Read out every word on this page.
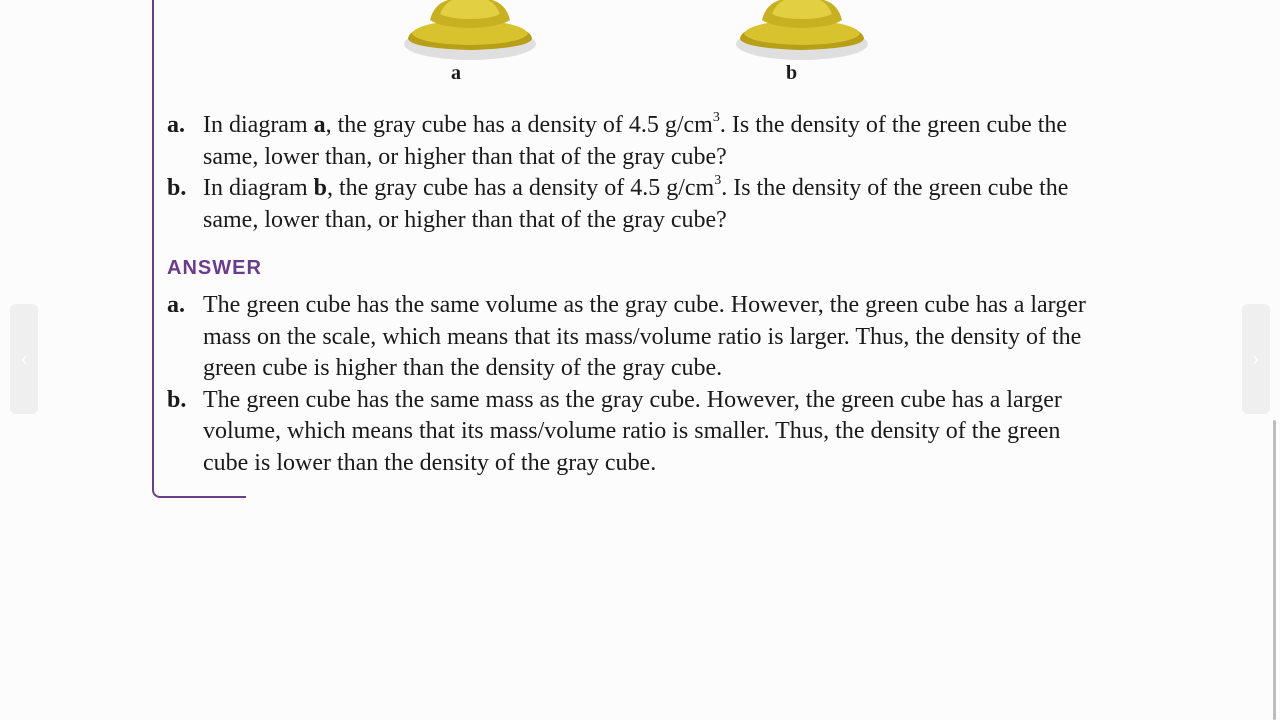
a	b
a. In diagram a, the gray cube has a density of 4.5 $g/cm^3$. Is the density of the green cube the same, lower than, or higher than that of the gray cube?
b. In diagram b, the gray cube has a density of 4.5 $g/cm^3$. Is the density of the green cube the same, lower than, or higher than that of the gray cube?
ANSWER
a. The green cube has the same volume as the gray cube. However, the green cube has a larger mass on the scale, which means that its mass/volume ratio is larger. Thus, the density of the green cube is higher than the density of the gray cube.
b. The green cube has the same mass as the gray cube. However, the green cube has a larger volume, which means that its mass/volume ratio is smaller. Thus, the density of the green cube is lower than the density of the gray cube.
‹	›
